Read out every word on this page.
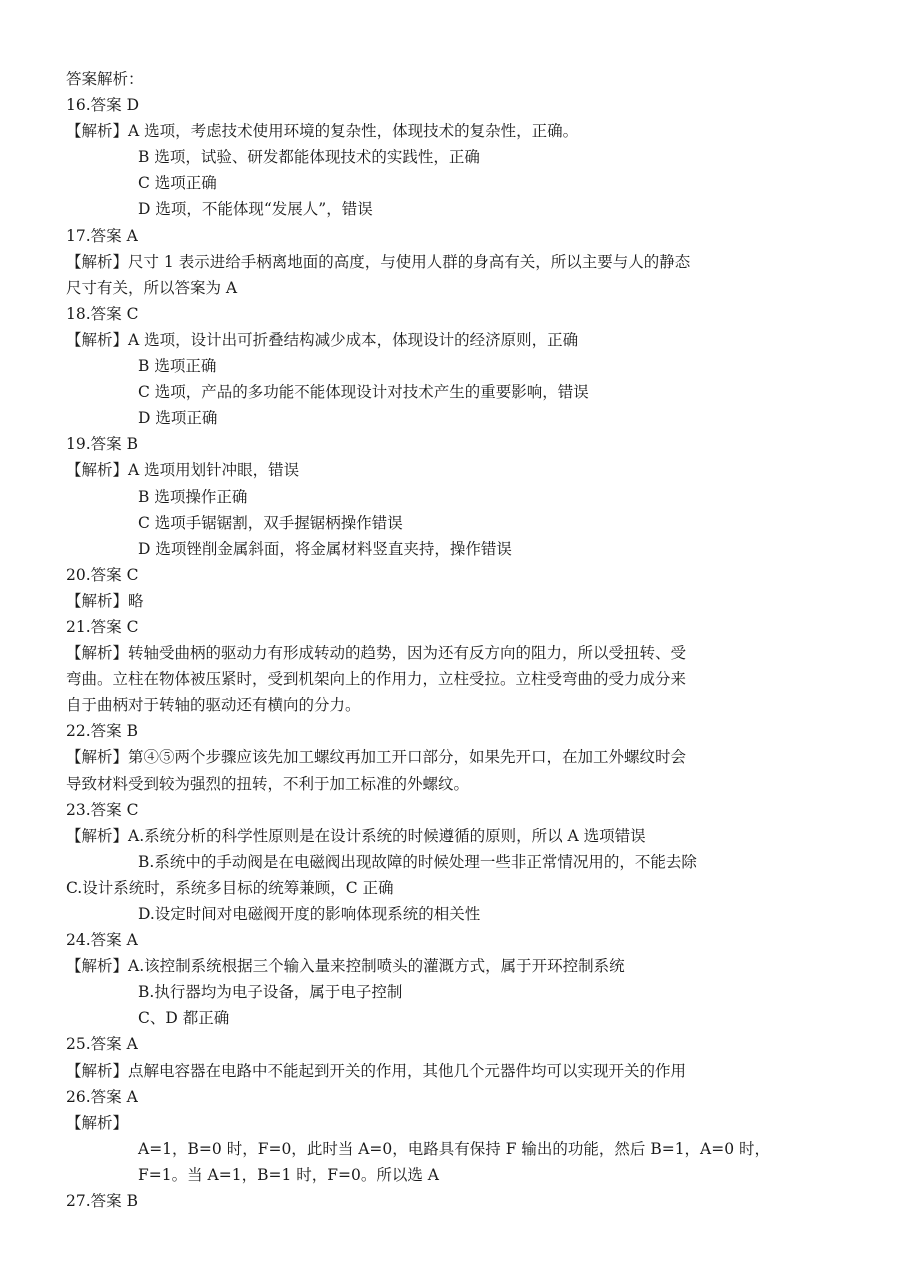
答案解析：
16.答案 D
【解析】A 选项，考虑技术使用环境的复杂性，体现技术的复杂性，正确。
B 选项，试验、研发都能体现技术的实践性，正确
C 选项正确
D 选项，不能体现“发展人”，错误
17.答案 A
【解析】尺寸 1 表示进给手柄离地面的高度，与使用人群的身高有关，所以主要与人的静态
尺寸有关，所以答案为 A
18.答案 C
【解析】A 选项，设计出可折叠结构减少成本，体现设计的经济原则，正确
B 选项正确
C 选项，产品的多功能不能体现设计对技术产生的重要影响，错误
D 选项正确
19.答案 B
【解析】A 选项用划针冲眼，错误
B 选项操作正确
C 选项手锯锯割，双手握锯柄操作错误
D 选项锉削金属斜面，将金属材料竖直夹持，操作错误
20.答案 C
【解析】略
21.答案 C
【解析】转轴受曲柄的驱动力有形成转动的趋势，因为还有反方向的阻力，所以受扭转、受
弯曲。立柱在物体被压紧时，受到机架向上的作用力，立柱受拉。立柱受弯曲的受力成分来
自于曲柄对于转轴的驱动还有横向的分力。
22.答案 B
【解析】第④⑤两个步骤应该先加工螺纹再加工开口部分，如果先开口，在加工外螺纹时会
导致材料受到较为强烈的扭转，不利于加工标准的外螺纹。
23.答案 C
【解析】A.系统分析的科学性原则是在设计系统的时候遵循的原则，所以 A 选项错误
B.系统中的手动阀是在电磁阀出现故障的时候处理一些非正常情况用的，不能去除
C.设计系统时，系统多目标的统筹兼顾，C 正确
D.设定时间对电磁阀开度的影响体现系统的相关性
24.答案 A
【解析】A.该控制系统根据三个输入量来控制喷头的灌溉方式，属于开环控制系统
B.执行器均为电子设备，属于电子控制
C、D 都正确
25.答案 A
【解析】点解电容器在电路中不能起到开关的作用，其他几个元器件均可以实现开关的作用
26.答案 A
【解析】
A=1，B=0 时，F=0，此时当 A=0，电路具有保持 F 输出的功能，然后 B=1，A=0 时，
F=1。当 A=1，B=1 时，F=0。所以选 A
27.答案 B
